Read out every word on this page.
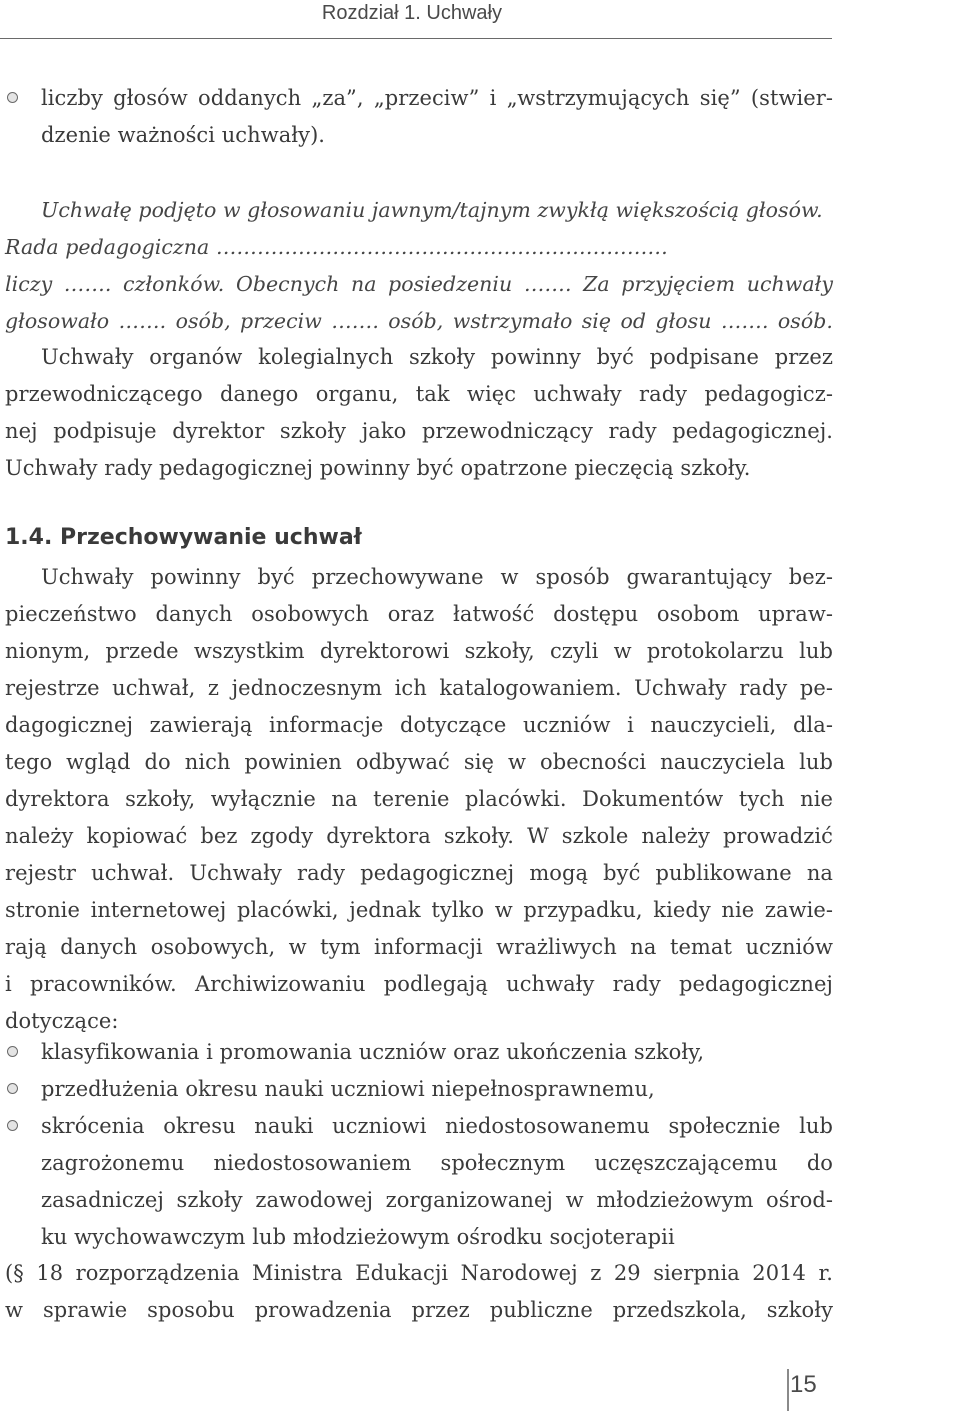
Rozdział 1. Uchwały
liczby głosów oddanych „za”, „przeciw” i „wstrzymujących się” (stwier-
dzenie ważności uchwały).
Uchwałę podjęto w głosowaniu jawnym/tajnym zwykłą większością głosów.
Rada pedagogiczna …………………………………………………………
liczy ……. członków. Obecnych na posiedzeniu ……. Za przyjęciem uchwały
głosowało ……. osób, przeciw ……. osób, wstrzymało się od głosu ……. osób.
Uchwały organów kolegialnych szkoły powinny być podpisane przez
przewodniczącego danego organu, tak więc uchwały rady pedagogicz-
nej podpisuje dyrektor szkoły jako przewodniczący rady pedagogicznej.
Uchwały rady pedagogicznej powinny być opatrzone pieczęcią szkoły.
1.4. Przechowywanie uchwał
Uchwały powinny być przechowywane w sposób gwarantujący bez-
pieczeństwo danych osobowych oraz łatwość dostępu osobom upraw-
nionym, przede wszystkim dyrektorowi szkoły, czyli w protokolarzu lub
rejestrze uchwał, z jednoczesnym ich katalogowaniem. Uchwały rady pe-
dagogicznej zawierają informacje dotyczące uczniów i nauczycieli, dla-
tego wgląd do nich powinien odbywać się w obecności nauczyciela lub
dyrektora szkoły, wyłącznie na terenie placówki. Dokumentów tych nie
należy kopiować bez zgody dyrektora szkoły. W szkole należy prowadzić
rejestr uchwał. Uchwały rady pedagogicznej mogą być publikowane na
stronie internetowej placówki, jednak tylko w przypadku, kiedy nie zawie-
rają danych osobowych, w tym informacji wrażliwych na temat uczniów
i pracowników. Archiwizowaniu podlegają uchwały rady pedagogicznej
dotyczące:
klasyfikowania i promowania uczniów oraz ukończenia szkoły,
przedłużenia okresu nauki uczniowi niepełnosprawnemu,
skrócenia okresu nauki uczniowi niedostosowanemu społecznie lub
zagrożonemu niedostosowaniem społecznym uczęszczającemu do
zasadniczej szkoły zawodowej zorganizowanej w młodzieżowym ośrod-
ku wychowawczym lub młodzieżowym ośrodku socjoterapii
(§ 18 rozporządzenia Ministra Edukacji Narodowej z 29 sierpnia 2014 r.
w sprawie sposobu prowadzenia przez publiczne przedszkola, szkoły
15
